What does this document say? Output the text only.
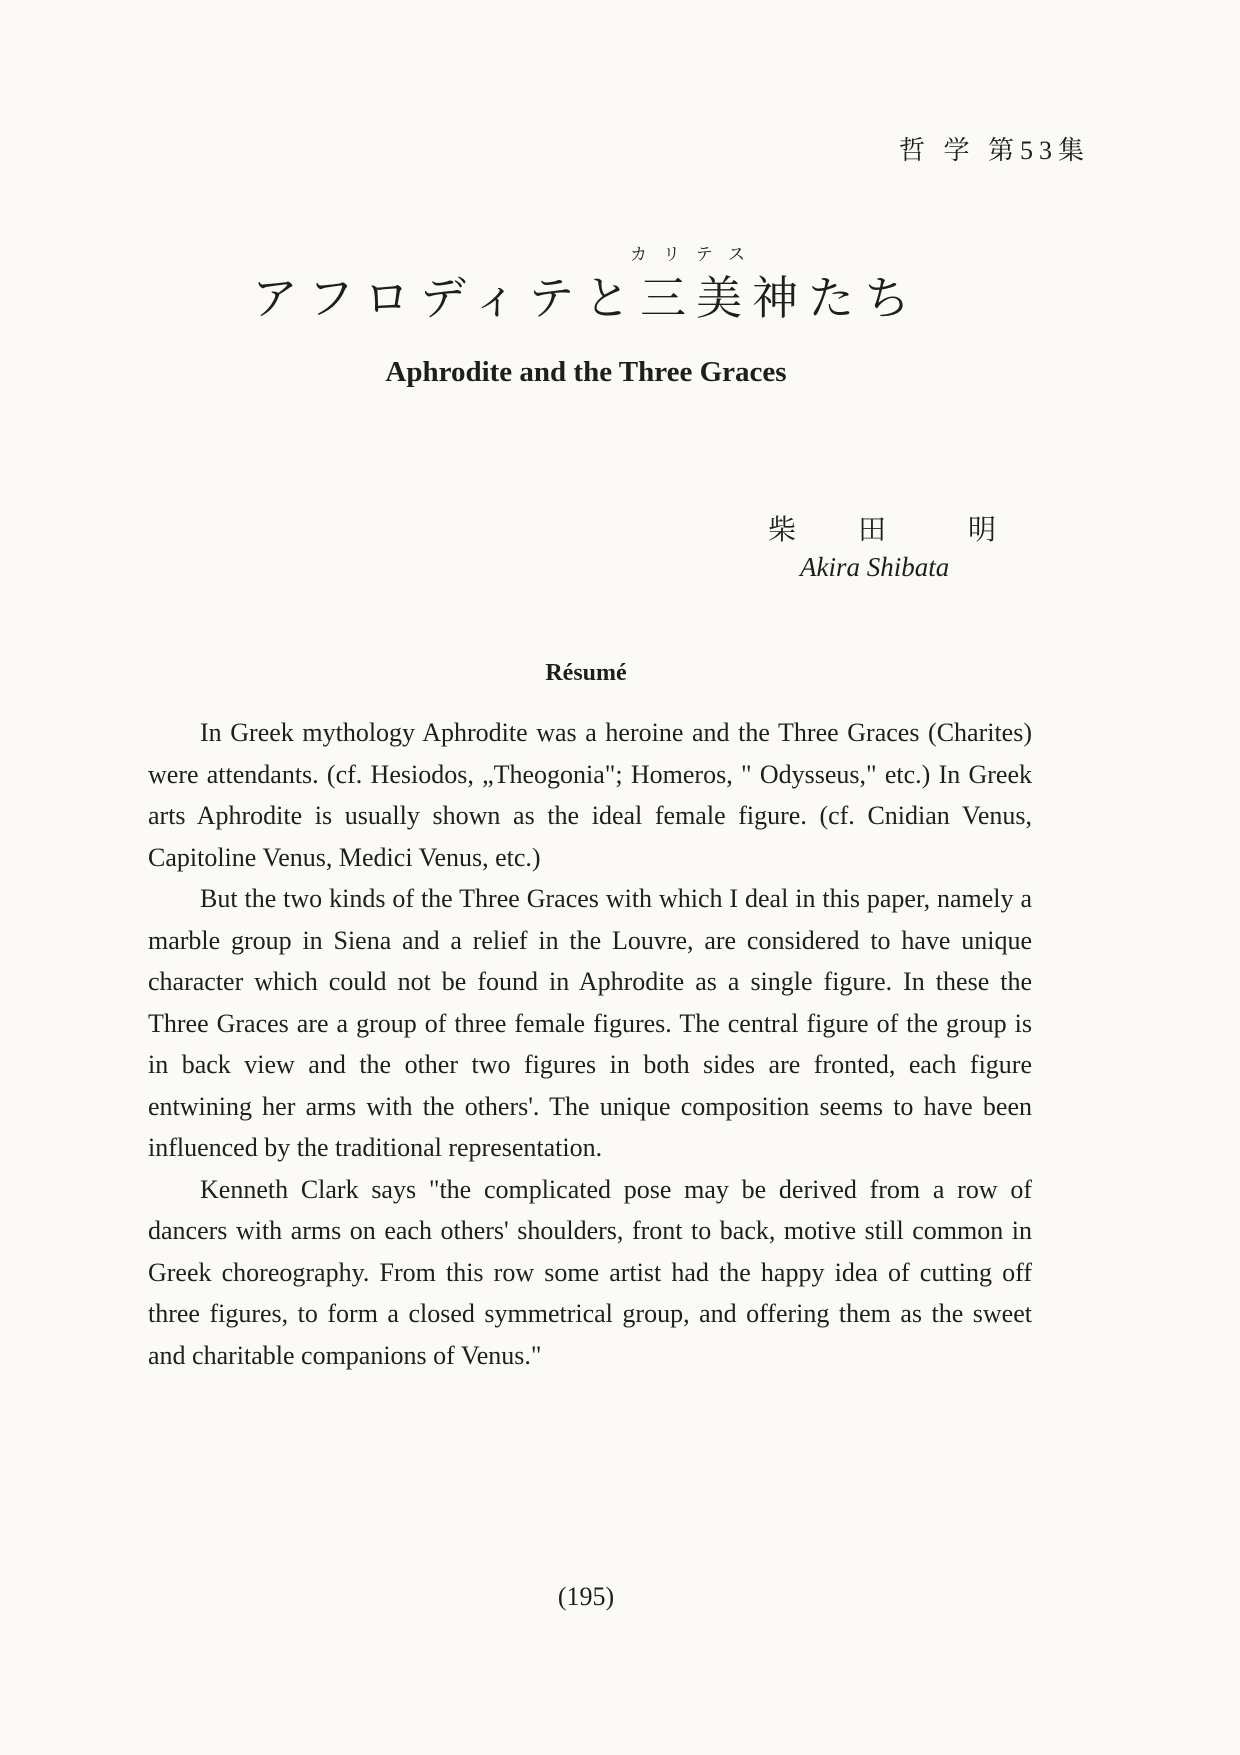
哲 学 第53集
カリテス
アフロディテと三美神たち
Aphrodite and the Three Graces
柴	田	明
Akira Shibata
Résumé

In Greek mythology Aphrodite was a heroine and the Three Graces (Charites) were attendants. (cf. Hesiodos, „Theogonia"; Homeros, " Odysseus," etc.) In Greek arts Aphrodite is usually shown as the ideal female figure. (cf. Cnidian Venus, Capitoline Venus, Medici Venus, etc.)

But the two kinds of the Three Graces with which I deal in this paper, namely a marble group in Siena and a relief in the Louvre, are considered to have unique character which could not be found in Aphrodite as a single figure. In these the Three Graces are a group of three female figures. The central figure of the group is in back view and the other two figures in both sides are fronted, each figure entwining her arms with the others'. The unique composition seems to have been influenced by the traditional representation.

Kenneth Clark says "the complicated pose may be derived from a row of dancers with arms on each others' shoulders, front to back, motive still common in Greek choreography. From this row some artist had the happy idea of cutting off three figures, to form a closed symmetrical group, and offering them as the sweet and charitable companions of Venus."

(195)
